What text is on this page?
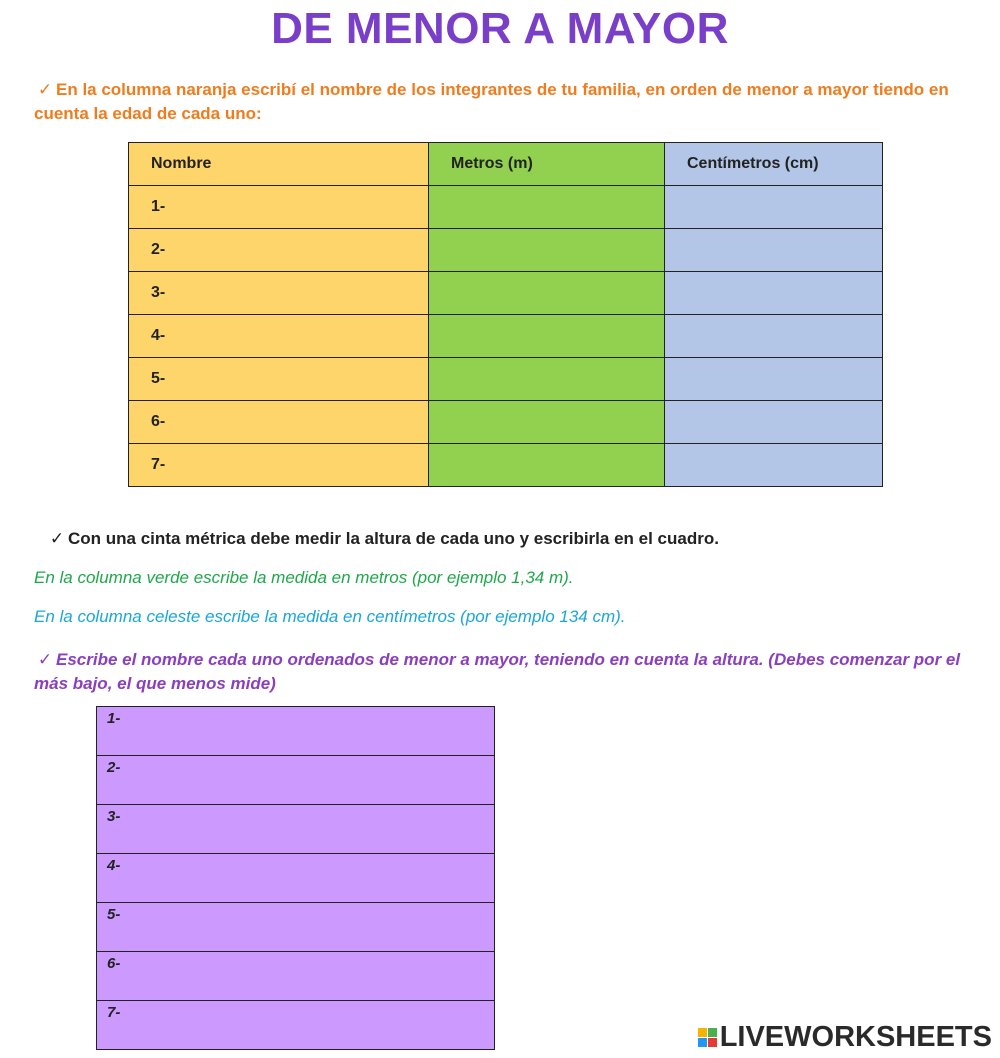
DE MENOR A MAYOR
✓ En la columna naranja escribí el nombre de los integrantes de tu familia, en orden de menor a mayor tiendo en cuenta la edad de cada uno:
Nombre	Metros (m)	Centímetros (cm)
1-		
2-		
3-		
4-		
5-		
6-		
7-		
✓ Con una cinta métrica debe medir la altura de cada uno y escribirla en el cuadro.
En la columna verde escribe la medida en metros (por ejemplo 1,34 m).
En la columna celeste escribe la medida en centímetros (por ejemplo 134 cm).
✓ Escribe el nombre cada uno ordenados de menor a mayor, teniendo en cuenta la altura. (Debes comenzar por el más bajo, el que menos mide)
1-
2-
3-
4-
5-
6-
7-
LIVEWORKSHEETS
